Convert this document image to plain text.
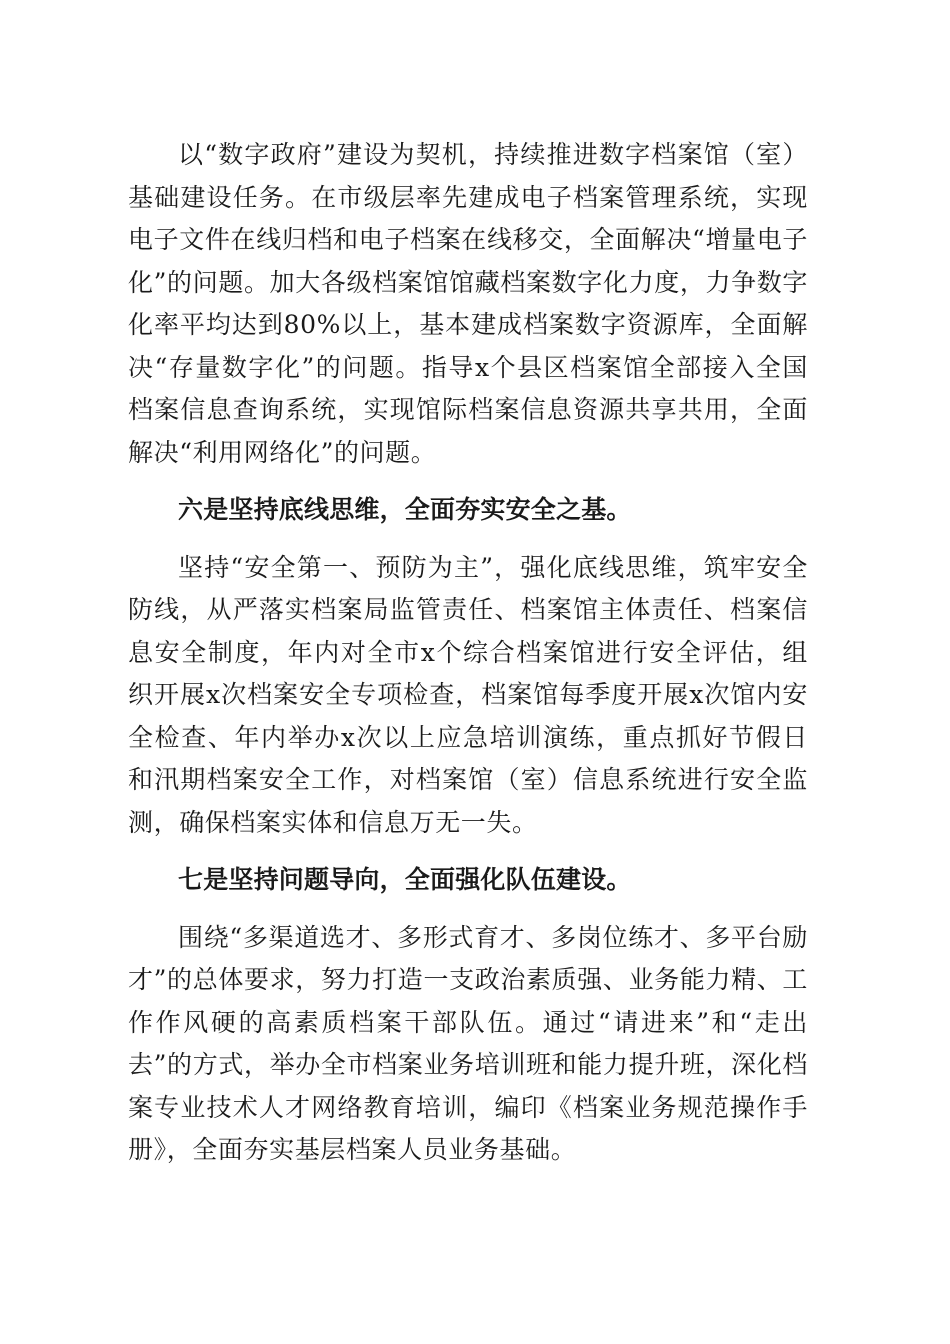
以“数字政府”建设为契机，持续推进数字档案馆（室）基础建设任务。在市级层率先建成电子档案管理系统，实现电子文件在线归档和电子档案在线移交，全面解决“增量电子化”的问题。加大各级档案馆馆藏档案数字化力度，力争数字化率平均达到80%以上，基本建成档案数字资源库，全面解决“存量数字化”的问题。指导x个县区档案馆全部接入全国档案信息查询系统，实现馆际档案信息资源共享共用，全面解决“利用网络化”的问题。

六是坚持底线思维，全面夯实安全之基。

坚持“安全第一、预防为主”，强化底线思维，筑牢安全防线，从严落实档案局监管责任、档案馆主体责任、档案信息安全制度，年内对全市x个综合档案馆进行安全评估，组织开展x次档案安全专项检查，档案馆每季度开展x次馆内安全检查、年内举办x次以上应急培训演练，重点抓好节假日和汛期档案安全工作，对档案馆（室）信息系统进行安全监测，确保档案实体和信息万无一失。

七是坚持问题导向，全面强化队伍建设。

围绕“多渠道选才、多形式育才、多岗位练才、多平台励才”的总体要求，努力打造一支政治素质强、业务能力精、工作作风硬的高素质档案干部队伍。通过“请进来”和“走出去”的方式，举办全市档案业务培训班和能力提升班，深化档案专业技术人才网络教育培训，编印《档案业务规范操作手册》，全面夯实基层档案人员业务基础。
